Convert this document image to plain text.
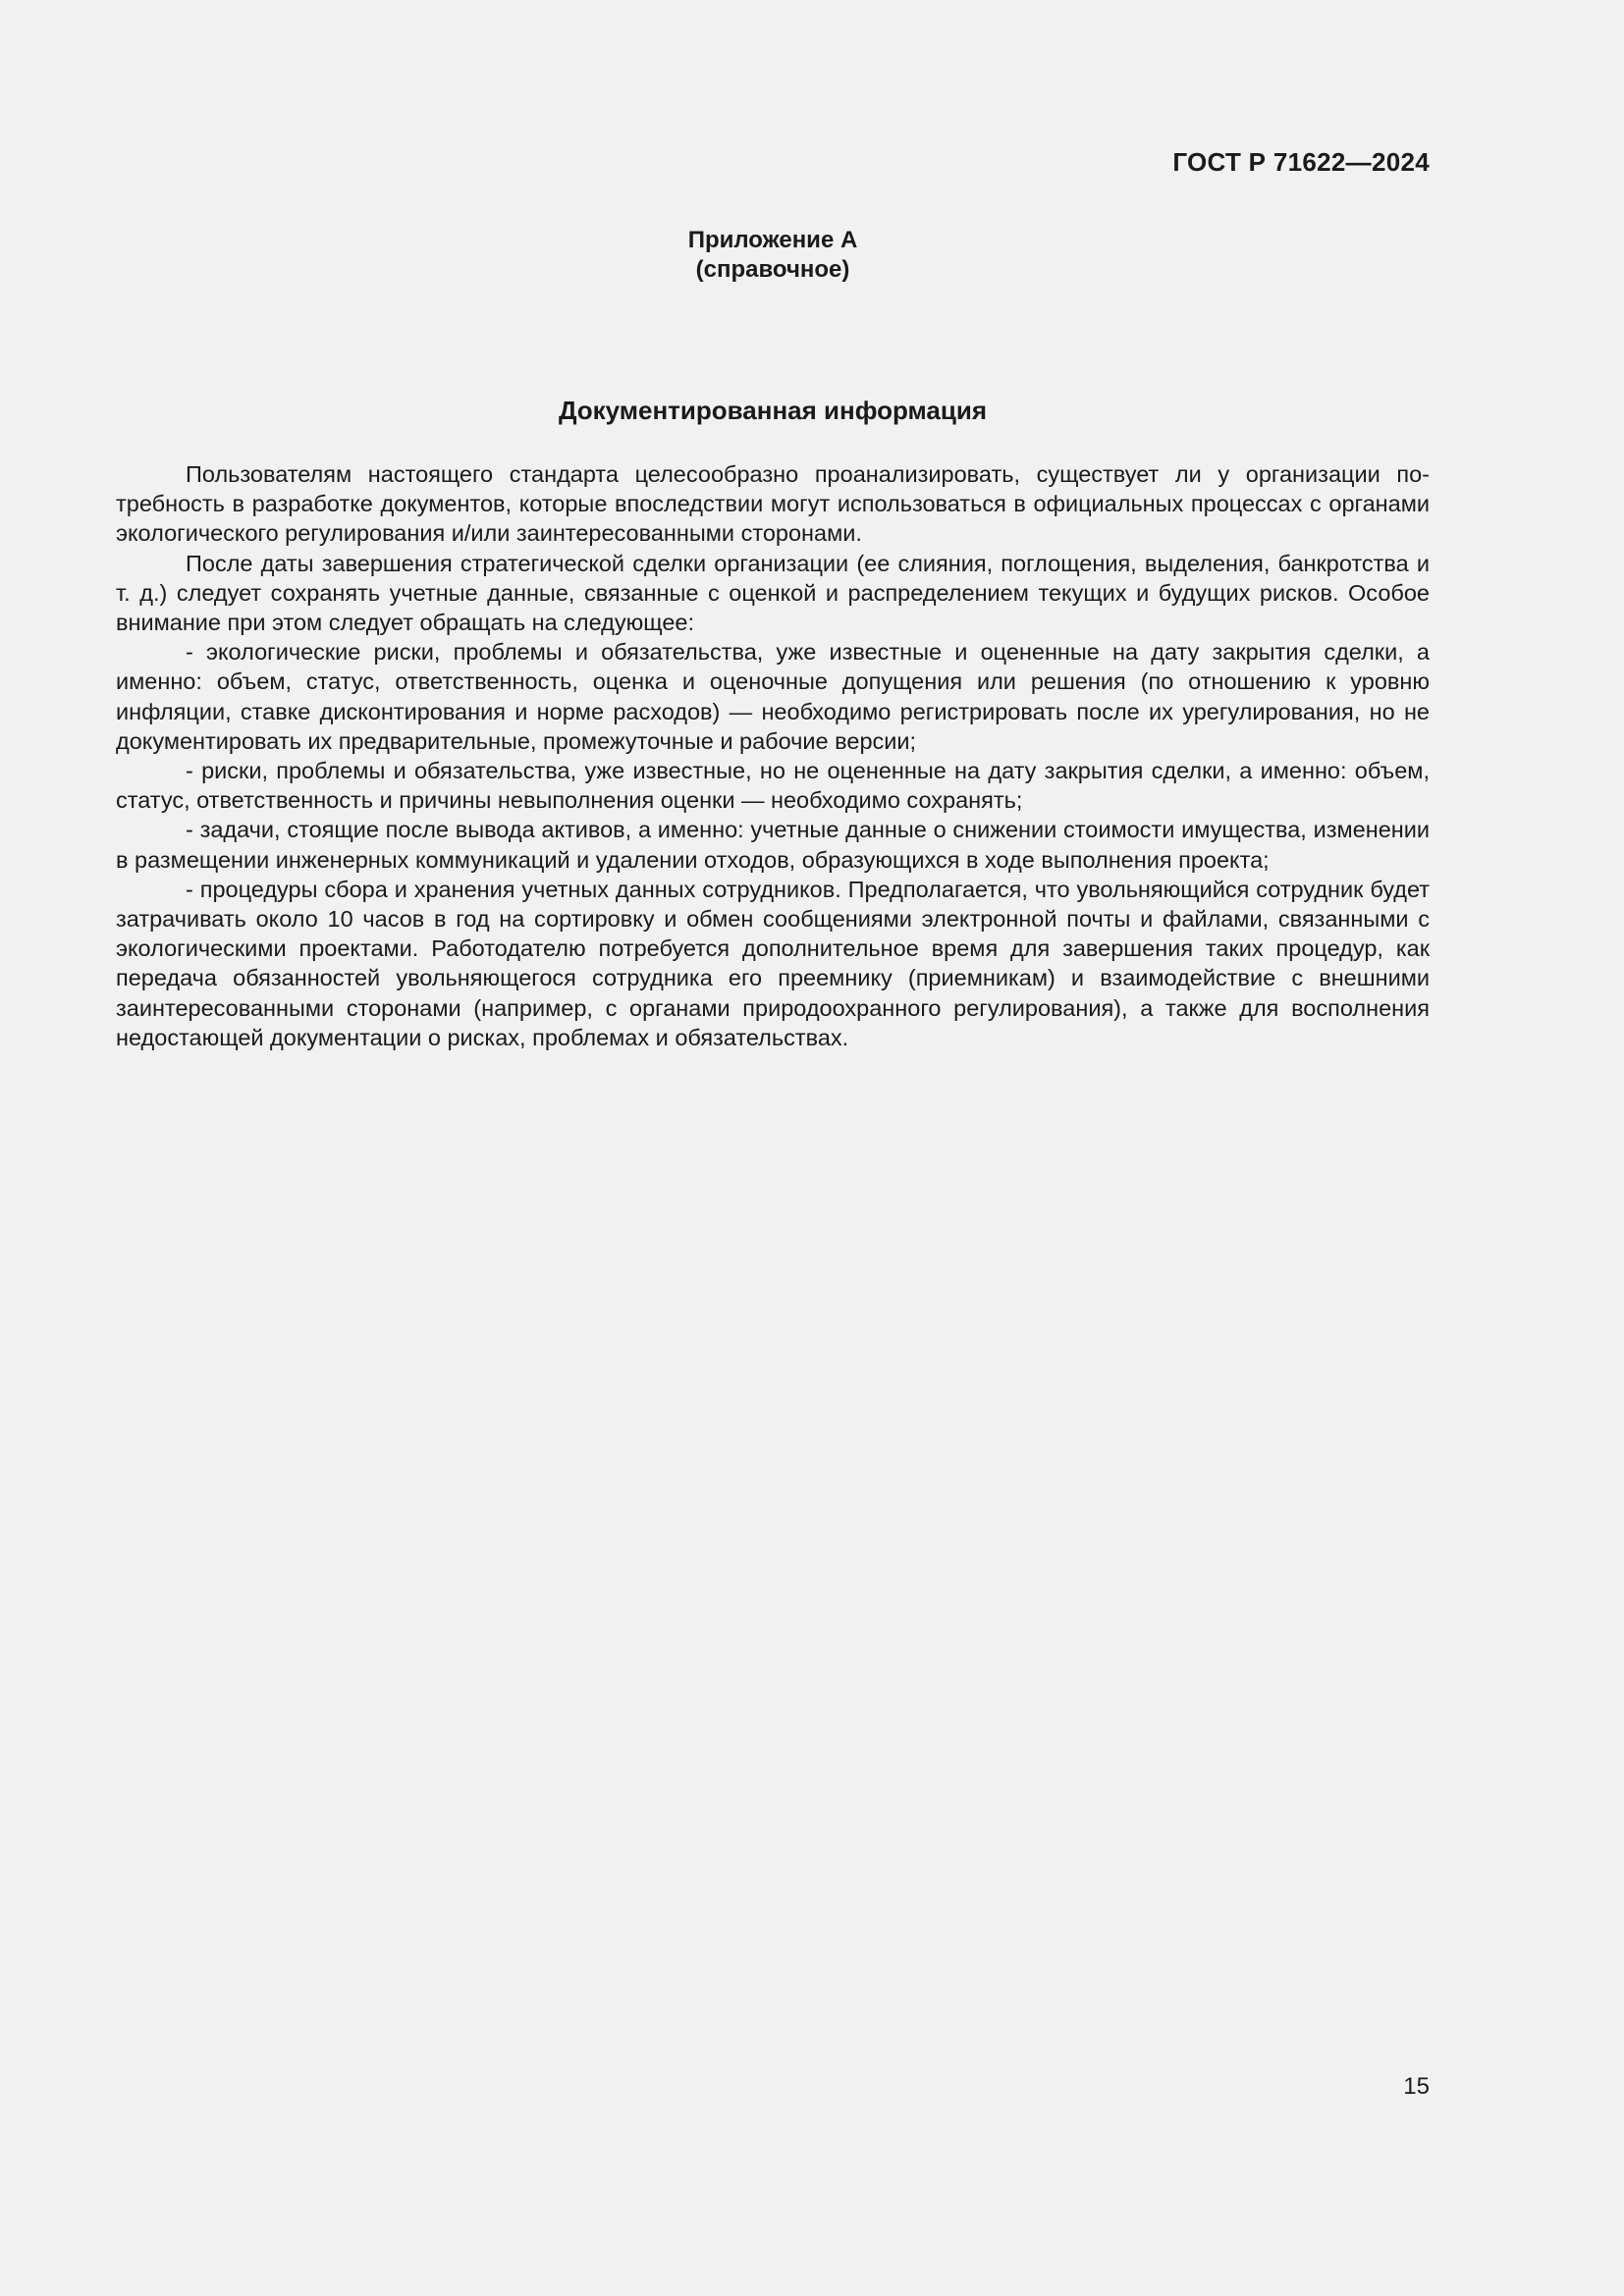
ГОСТ Р 71622—2024
Приложение А
(справочное)
Документированная информация

Пользователям настоящего стандарта целесообразно проанализировать, существует ли у организации потребность в разработке документов, которые впоследствии могут использоваться в официальных процессах с органами экологического регулирования и/или заинтересованными сторонами.

После даты завершения стратегической сделки организации (ее слияния, поглощения, выделения, банкротства и т. д.) следует сохранять учетные данные, связанные с оценкой и распределением текущих и будущих рисков. Особое внимание при этом следует обращать на следующее:

- экологические риски, проблемы и обязательства, уже известные и оцененные на дату закрытия сделки, а именно: объем, статус, ответственность, оценка и оценочные допущения или решения (по отношению к уровню инфляции, ставке дисконтирования и норме расходов) — необходимо регистрировать после их урегулирования, но не документировать их предварительные, промежуточные и рабочие версии;

- риски, проблемы и обязательства, уже известные, но не оцененные на дату закрытия сделки, а именно: объем, статус, ответственность и причины невыполнения оценки — необходимо сохранять;

- задачи, стоящие после вывода активов, а именно: учетные данные о снижении стоимости имущества, изменении в размещении инженерных коммуникаций и удалении отходов, образующихся в ходе выполнения проекта;

- процедуры сбора и хранения учетных данных сотрудников. Предполагается, что увольняющийся сотрудник будет затрачивать около 10 часов в год на сортировку и обмен сообщениями электронной почты и файлами, связанными с экологическими проектами. Работодателю потребуется дополнительное время для завершения таких процедур, как передача обязанностей увольняющегося сотрудника его преемнику (приемникам) и взаимодействие с внешними заинтересованными сторонами (например, с органами природоохранного регулирования), а также для восполнения недостающей документации о рисках, проблемах и обязательствах.

15
